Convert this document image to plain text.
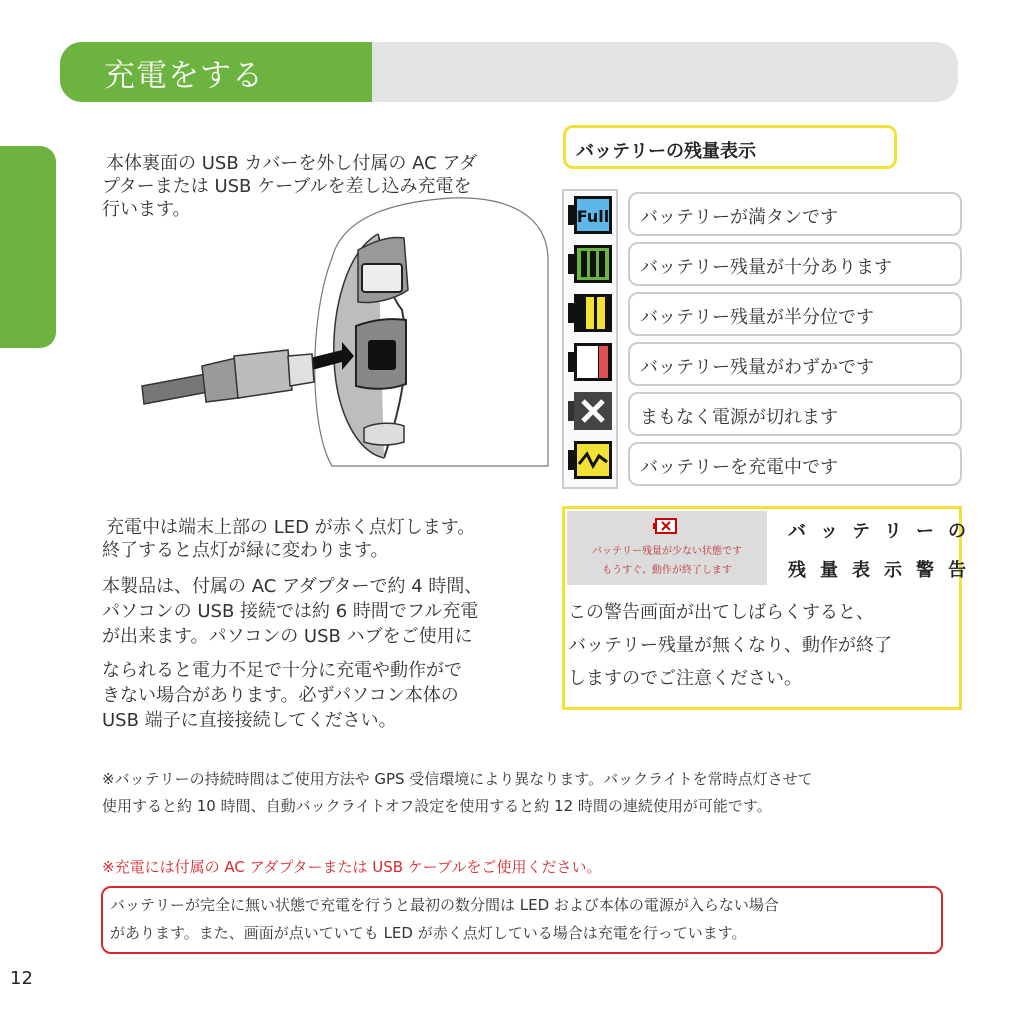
充電をする
本体裏面の USB カバーを外し付属の AC アダ
プターまたは USB ケーブルを差し込み充電を
行います。
充電中は端末上部の LED が赤く点灯します。
終了すると点灯が緑に変わります。
本製品は、付属の AC アダプターで約 4 時間、
パソコンの USB 接続では約 6 時間でフル充電
が出来ます。パソコンの USB ハブをご使用に
なられると電力不足で十分に充電や動作がで
きない場合があります。必ずパソコン本体の
USB 端子に直接接続してください。
バッテリーの残量表示
Full バッテリーが満タンです
バッテリー残量が十分あります
バッテリー残量が半分位です
バッテリー残量がわずかです
まもなく電源が切れます
バッテリーを充電中です
バッテリー残量が少ない状態です
もうすぐ、動作が終了します
バッテリーの
残量表示警告
この警告画面が出てしばらくすると、
バッテリー残量が無くなり、動作が終了
しますのでご注意ください。
※バッテリーの持続時間はご使用方法や GPS 受信環境により異なります。バックライトを常時点灯させて
使用すると約 10 時間、自動バックライトオフ設定を使用すると約 12 時間の連続使用が可能です。
※充電には付属の AC アダプターまたは USB ケーブルをご使用ください。
バッテリーが完全に無い状態で充電を行うと最初の数分間は LED および本体の電源が入らない場合
があります。また、画面が点いていても LED が赤く点灯している場合は充電を行っています。
12
